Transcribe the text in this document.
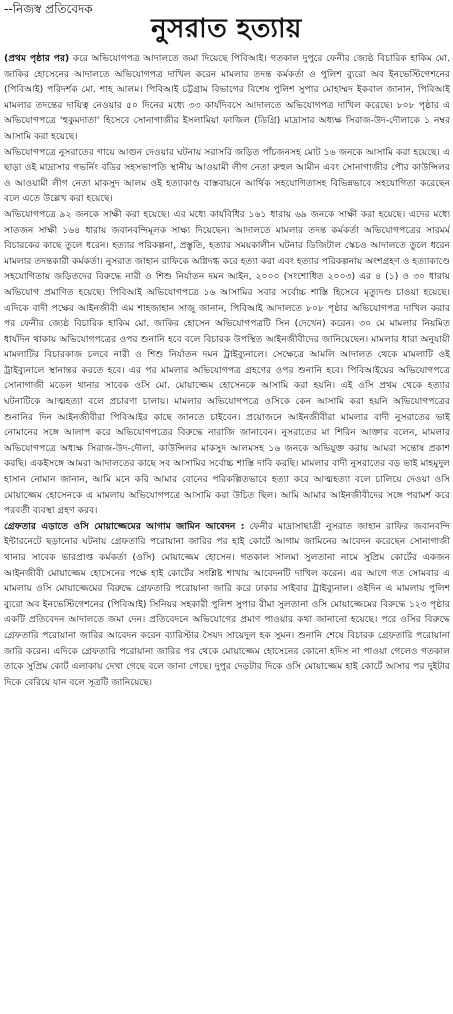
--নিজস্ব প্রতিবেদক
নুসরাত হত্যায়

(প্রথম পৃষ্ঠার পর) করে অভিযোগপত্র আদালতে জমা দিয়েছে পিবিআই। গতকাল দুপুরে ফেনীর জ্যেষ্ঠ বিচারিক হাকিম মো. জাকির হোসেনের আদালতে অভিযোগপত্র দাখিল করেন মামলার তদন্ত কর্মকর্তা ও পুলিশ ব্যুরো অব ইনভেস্টিগেশনের (পিবিআই) পরিদর্শক মো. শাহ আলম। পিবিআই চট্টগ্রাম বিভাগের বিশেষ পুলিশ সুপার মোহাম্মদ ইকবাল জানান, পিবিআই মামলার তদন্তের দায়িত্ব নেওয়ার ৫০ দিনের মধ্যে ৩৩ কার্যদিবসে আদালতে অভিযোগপত্র দাখিল করেছে। ৮০৮ পৃষ্ঠার এ অভিযোগপত্রে 'হুকুমদাতা' হিসেবে সোনাগাজীর ইসলামিয়া ফাজিল (ডিগ্রি) মাদ্রাসার অধ্যক্ষ সিরাজ-উদ-দৌলাকে ১ নম্বর আসামি করা হয়েছে।

অভিযোগপত্রে নুসরাতের গায়ে আগুন দেওয়ার ঘটনায় সরাসরি জড়িত পাঁচজনসহ মোট ১৬ জনকে আসামি করা হয়েছে। এ ছাড়া ওই মাদ্রাসার গভর্নিং বডির সহসভাপতি স্থানীয় আওয়ামী লীগ নেতা রুহুল আমীন এবং সোনাগাজীর পৌর কাউন্সিলর ও আওয়ামী লীগ নেতা মাকসুদ আলম ওই হত্যাকাণ্ড বাস্তবায়নে আর্থিক সহযোগিতাসহ বিভিন্নভাবে সহযোগিতা করেছেন বলে এতে উল্লেখ করা হয়েছে।

অভিযোগপত্রে ৯২ জনকে সাক্ষী করা হয়েছে। এর মধ্যে কার্যবিধির ১৬১ ধারায় ৬৯ জনকে সাক্ষী করা হয়েছে। এদের মধ্যে সাতজন সাক্ষী ১৬৪ ধারায় জবানবন্দিমূলক সাক্ষ্য দিয়েছেন। আদালতে মামলার তদন্ত কর্মকর্তা অভিযোগপত্রের সারমর্ম বিচারকের কাছে তুলে ধরেন। হত্যার পরিকল্পনা, প্রস্তুতি, হত্যার সময়কালীন ঘটনার ডিজিটাল স্কেচও আদালতে তুলে ধরেন মামলার তদন্তকারী কর্মকর্তা। নুসরাত জাহান রাফিকে অগ্নিদগ্ধ করে হত্যা করা এবং হত্যার পরিকল্পনায় অংশগ্রহণ ও হত্যাকাণ্ডে সহযোগিতায় জড়িতদের বিরুদ্ধে নারী ও শিশু নির্যাতন দমন আইন, ২০০০ (সংশোধিত ২০০৩) এর ৪ (১) ও ৩০ ধারায় অভিযোগ প্রমাণিত হয়েছে। পিবিআই অভিযোগপত্রে ১৬ আসামির সবার সর্বোচ্চ শাস্তি হিসেবে মৃত্যুদণ্ড চাওয়া হয়েছে। এদিকে বাদী পক্ষের আইনজীবী এম শাহজাহান সাজু জানান, পিবিআই আদালতে ৮০৮ পৃষ্ঠার অভিযোগপত্র দাখিল করার পর ফেনীর জ্যেষ্ঠ বিচারিক হাকিম মো. জাকির হোসেন অভিযোগপত্রটি সিন (দেখেন) করেন। ৩০ মে মামলার নিয়মিত ধার্যদিন থাকায় অভিযোগপত্রের ওপর শুনানি হবে বলে বিচারক উপস্থিত আইনজীবীদের জানিয়েছেন। মামলার ধারা অনুযায়ী মামলাটির বিচারকাজ চলবে নারী ও শিশু নির্যাতন দমন ট্রাইব্যুনালে। সেক্ষেত্রে আমলি আদালত থেকে মামলাটি ওই ট্রাইব্যুনালে স্থানান্তর করতে হবে। এর পর মামলার অভিযোগপত্র গ্রহণের ওপর শুনানি হবে। পিবিআইয়ের অভিযোগপত্রে সোনাগাজী মডেল থানার সাবেক ওসি মো. মোয়াজ্জেম হোসেনকে আসামি করা হয়নি। এই ওসি প্রথম থেকে হত্যার ঘটনাটিকে আত্মহত্যা বলে প্রচারণা চালায়। মামলার অভিযোগপত্রে ওসিকে কেন আসামি করা হয়নি অভিযোগপত্রের শুনানির দিন আইনজীবীরা পিবিআইর কাছে জানতে চাইবেন। প্রয়োজনে আইনজীবীরা মামলার বাদী নুসরাতের ভাই নোমানের সঙ্গে আলাপ করে অভিযোগপত্রের বিরুদ্ধে নারাজি জানাবেন। নুসরাতের মা শিরিন আক্তার বলেন, মামলার অভিযোগপত্রে অধ্যক্ষ সিরাজ-উদ-দৌলা, কাউন্সিলর মাকসুদ আলমসহ ১৬ জনকে অভিযুক্ত করায় আমরা সন্তোষ প্রকাশ করছি। একইসঙ্গে আমরা আদালতের কাছে সব আসামির সর্বোচ্চ শাস্তি দাবি করছি। মামলার বাদী নুসরাতের বড় ভাই মাহমুদুল হাসান নোমান জানান, আমি মনে করি আমার বোনের পরিকল্পিতভাবে হত্যা করে আত্মহত্যা বলে চালিয়ে দেওয়া ওসি মোয়াজ্জেম হোসেনকে এ মামলায় অভিযোগপত্রে আসামি করা উচিত ছিল। আমি আমার আইনজীবীদের সঙ্গে পরামর্শ করে পরবর্তী ব্যবস্থা গ্রহণ করব।

গ্রেফতার এড়াতে ওসি মোয়াজ্জেমের আগাম জামিন আবেদন : ফেনীর মাদ্রাসাছাত্রী নুসরাত জাহান রাফির জবানবন্দি ইন্টারনেটে ছড়ানোর ঘটনায় গ্রেফতারি পরোয়ানা জারির পর হাই কোর্টে আগাম জামিনের আবেদন করেছেন সোনাগাজী থানার সাবেক ভারপ্রাপ্ত কর্মকর্তা (ওসি) মোয়াজ্জেম হোসেন। গতকাল সালমা সুলতানা নামে সুপ্রিম কোর্টের একজন আইনজীবী মোয়াজ্জেম হোসেনের পক্ষে হাই কোর্টের সংশ্লিষ্ট শাখায় আবেদনটি দাখিল করেন। এর আগে গত সোমবার এ মামলায় ওসি মোয়াজ্জেমের বিরুদ্ধে গ্রেফতারি পরোয়ানা জারি করে ঢাকার সাইবার ট্রাইব্যুনাল। ওইদিন এ মামলায় পুলিশ ব্যুরো অব ইনভেস্টিগেশনের (পিবিআই) সিনিয়র সহকারী পুলিশ সুপার রীমা সুলতানা ওসি মোয়াজ্জেমের বিরুদ্ধে ১২৩ পৃষ্ঠার একটি প্রতিবেদন আদালতে জমা দেন। প্রতিবেদনে অভিযোগের প্রমাণ পাওয়ার কথা জানানো হয়েছে। পরে ওসির বিরুদ্ধে গ্রেফতারি পরোয়ানা জারির আবেদন করেন ব্যারিস্টার সৈয়দ সায়েদুল হক সুমন। শুনানি শেষে বিচারক গ্রেফতারি পরোয়ানা জারি করেন। এদিকে গ্রেফতারি পরোয়ানা জারির পর থেকে মোয়াজ্জেম হোসেনের কোনো হদিস না পাওয়া গেলেও গতকাল তাকে সুপ্রিম কোর্ট এলাকায় দেখা গেছে বলে জানা গেছে। দুপুর দেড়টার দিকে ওসি মোয়াজ্জেম হাই কোর্টে আসার পর দুইটার দিকে বেরিয়ে যান বলে সূত্রটি জানিয়েছে।
